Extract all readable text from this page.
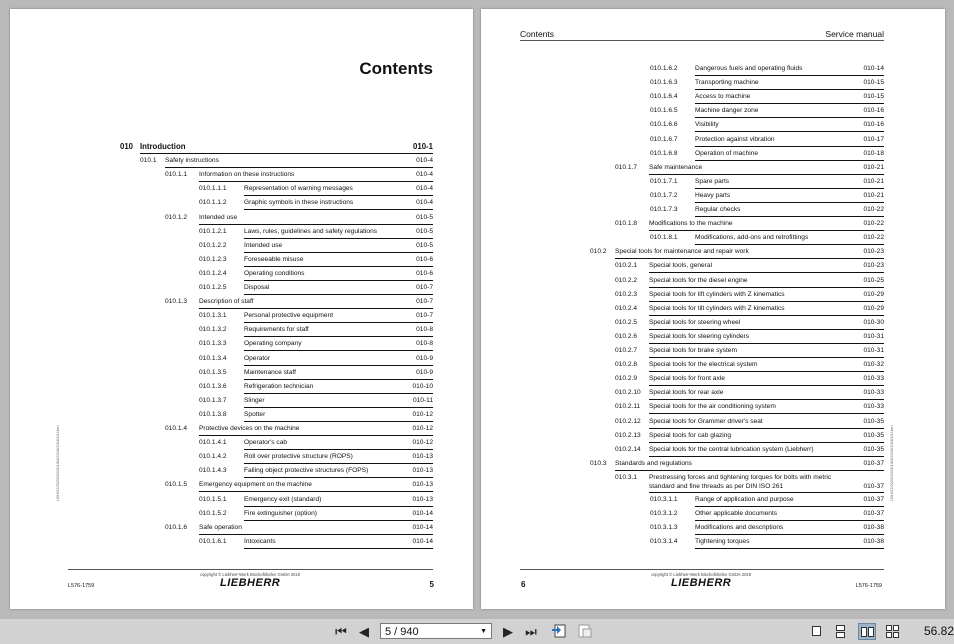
Contents
010 Introduction	010-1
010.1 Safety instructions	010-4
010.1.1 Information on these instructions	010-4
010.1.1.1	Representation of warning messages	010-4
010.1.1.2	Graphic symbols in these instructions	010-4
010.1.2 Intended use	010-5
010.1.2.1	Laws, rules, guidelines and safety regulations	010-5
010.1.2.2	Intended use	010-5
010.1.2.3	Foreseeable misuse	010-6
010.1.2.4	Operating conditions	010-6
010.1.2.5	Disposal	010-7
010.1.3 Description of staff	010-7
010.1.3.1	Personal protective equipment	010-7
010.1.3.2	Requirements for staff	010-8
010.1.3.3	Operating company	010-8
010.1.3.4	Operator	010-9
010.1.3.5	Maintenance staff	010-9
010.1.3.6	Refrigeration technician	010-10
010.1.3.7	Slinger	010-11
010.1.3.8	Spotter	010-12
010.1.4 Protective devices on the machine	010-12
010.1.4.1	Operator's cab	010-12
010.1.4.2	Roll over protective structure (ROPS)	010-13
010.1.4.3	Falling object protective structures (FOPS)	010-13
010.1.5 Emergency equipment on the machine	010-13
010.1.5.1	Emergency exit (standard)	010-13
010.1.5.2	Fire extinguisher (option)	010-14
010.1.6 Safe operation	010-14
010.1.6.1	Intoxicants	010-14
LBH/12/2020/2019/10/4/2019/10/4/1/1/1en
copyright © Liebherr-Werk Bischofshofen GmbH 2019
LIEBHERR
L576-1759	5
Contents	Service manual
010.1.6.2	Dangerous fuels and operating fluids	010-14
010.1.6.3	Transporting machine	010-15
010.1.6.4	Access to machine	010-15
010.1.6.5	Machine danger zone	010-16
010.1.6.6	Visibility	010-16
010.1.6.7	Protection against vibration	010-17
010.1.6.8	Operation of machine	010-18
010.1.7 Safe maintenance	010-21
010.1.7.1	Spare parts	010-21
010.1.7.2	Heavy parts	010-21
010.1.7.3	Regular checks	010-22
010.1.8 Modifications to the machine	010-22
010.1.8.1	Modifications, add-ons and retrofittings	010-22
010.2 Special tools for maintenance and repair work	010-23
010.2.1 Special tools, general	010-23
010.2.2 Special tools for the diesel engine	010-25
010.2.3 Special tools for lift cylinders with Z kinematics	010-29
010.2.4 Special tools for tilt cylinders with Z kinematics	010-29
010.2.5 Special tools for steering wheel	010-30
010.2.6 Special tools for steering cylinders	010-31
010.2.7 Special tools for brake system	010-31
010.2.8 Special tools for the electrical system	010-32
010.2.9 Special tools for front axle	010-33
010.2.10 Special tools for rear axle	010-33
010.2.11 Special tools for the air conditioning system	010-33
010.2.12 Special tools for Grammer driver's seat	010-35
010.2.13 Special tools for cab glazing	010-35
010.2.14 Special tools for the central lubrication system (Liebherr)	010-35
010.3 Standards and regulations	010-37
010.3.1 Prestressing forces and tightening torques for bolts with metric standard and fine threads as per DIN ISO 261	010-37
010.3.1.1	Range of application and purpose	010-37
010.3.1.2	Other applicable documents	010-37
010.3.1.3	Modifications and descriptions	010-38
010.3.1.4	Tightening torques	010-38
LBH/12/2020/2019/10/4/2019/10/4/1/1/1en
copyright © Liebherr-Werk Bischofshofen GmbH 2019
LIEBHERR
6	L576-1759
⏮ ◀	5 / 940	▼ ▶ ⏭	56.82
